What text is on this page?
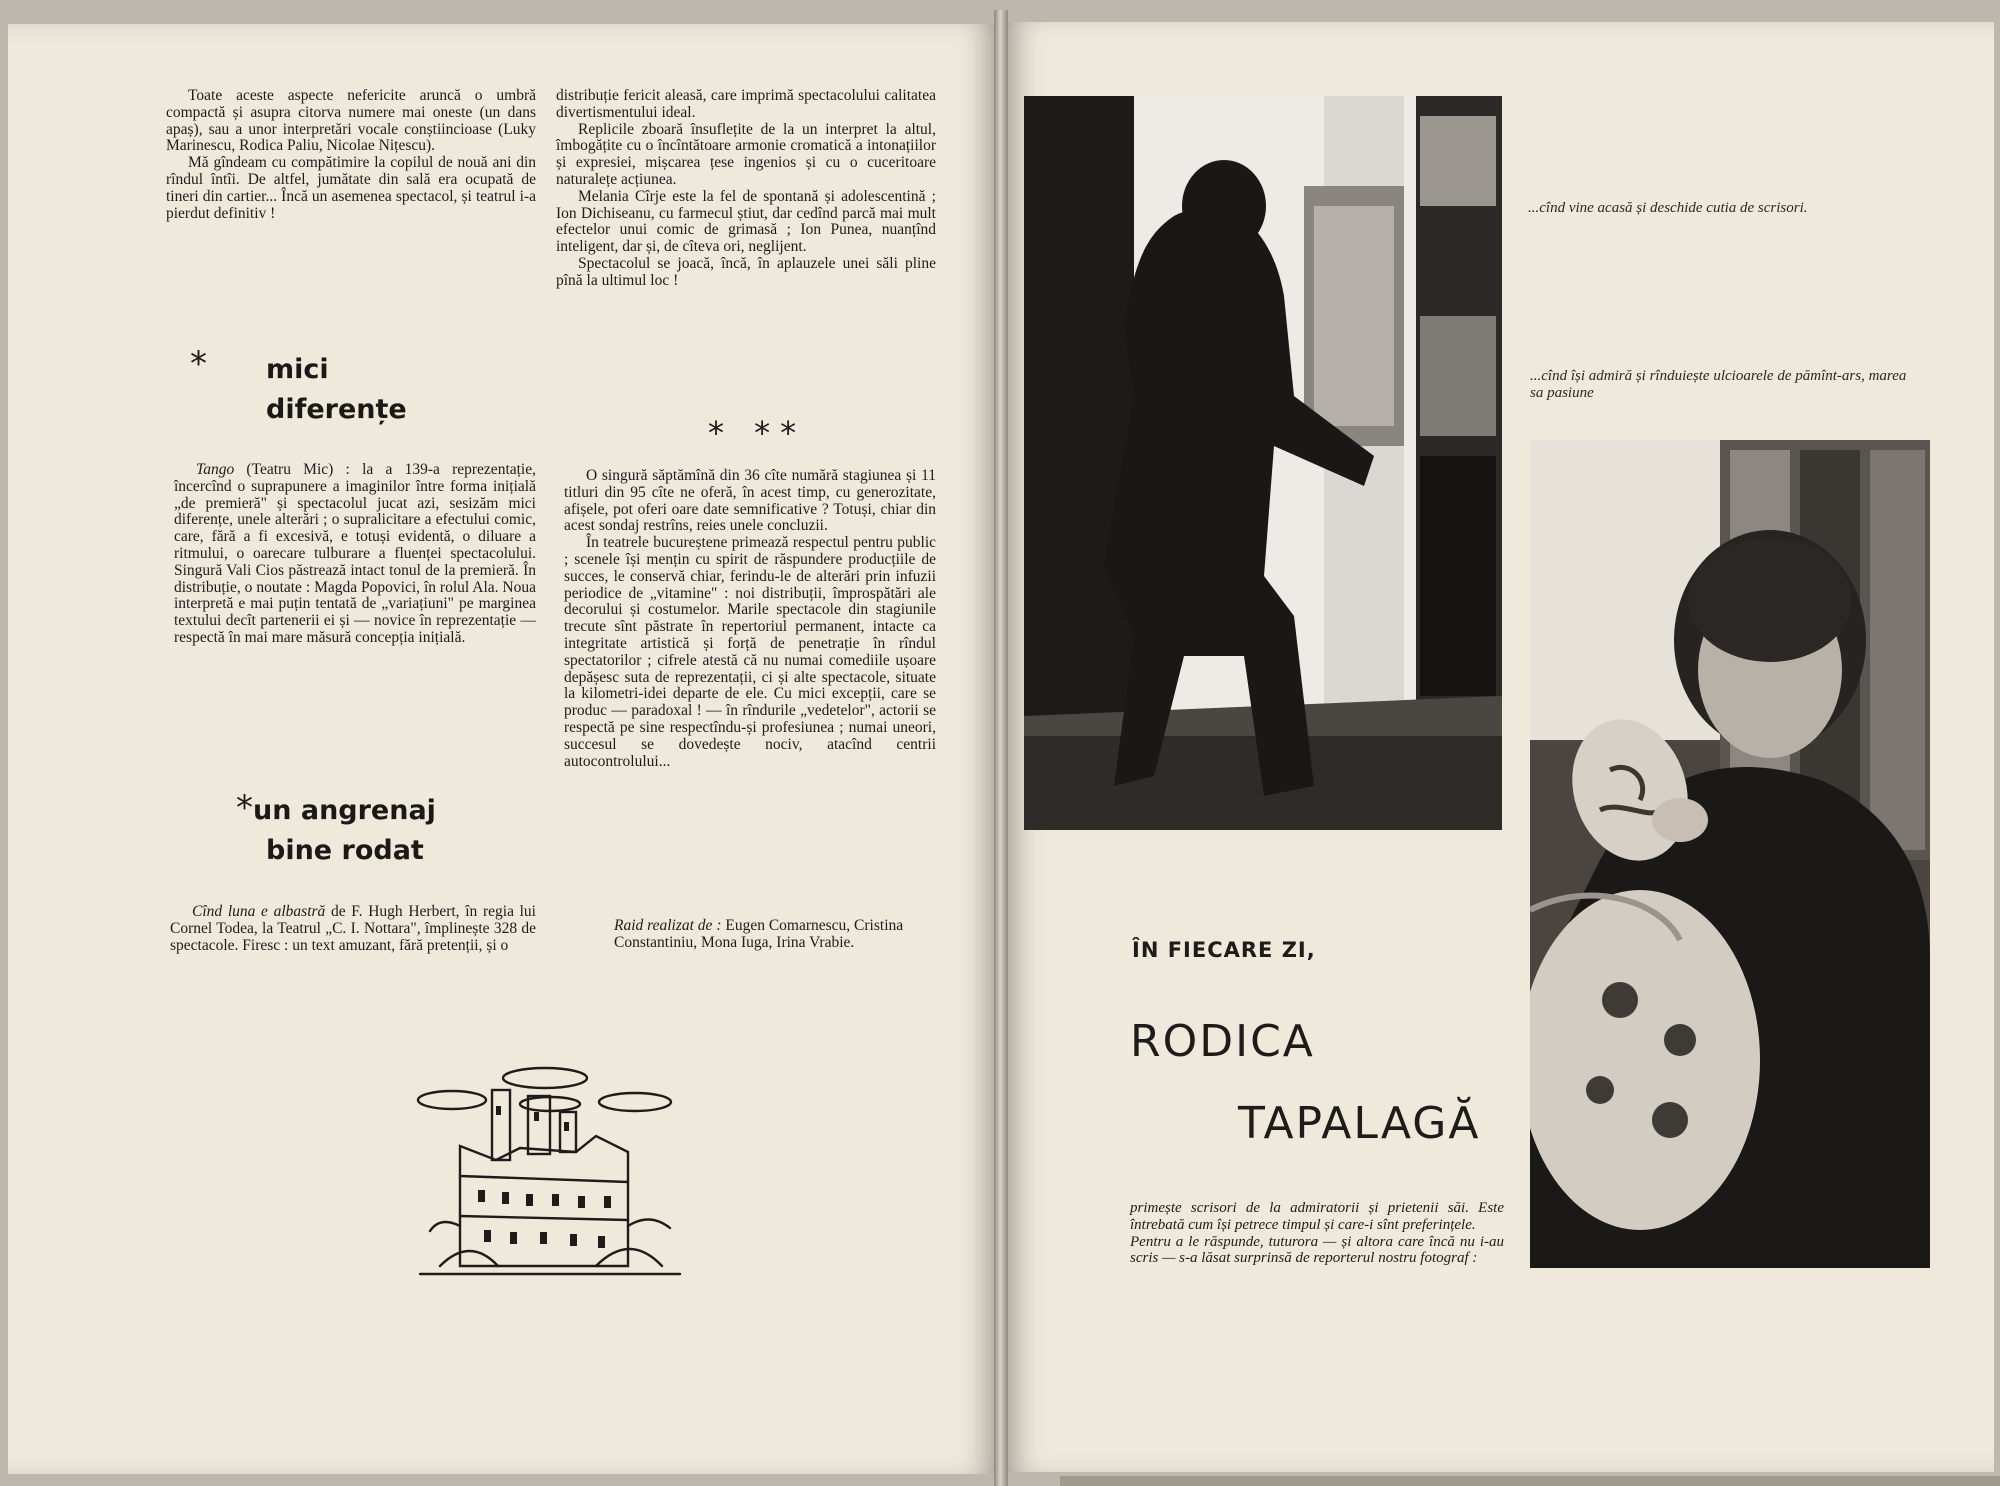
Toate aceste aspecte nefericite aruncă o umbră compactă și asupra citorva numere mai oneste (un dans apaș), sau a unor interpretări vocale conștiincioase (Luky Marinescu, Rodica Paliu, Nicolae Nițescu).

Mă gîndeam cu compătimire la copilul de nouă ani din rîndul întîi. De altfel, jumătate din sală era ocupată de tineri din cartier... Încă un asemenea spectacol, și teatrul i-a pierdut definitiv !

*	mici
diferențe

Tango (Teatru Mic) : la a 139-a reprezentație, încercînd o suprapunere a imaginilor între forma inițială „de premieră" și spectacolul jucat azi, sesizăm mici diferențe, unele alterări ; o supralicitare a efectului comic, care, fără a fi excesivă, e totuși evidentă, o diluare a ritmului, o oarecare tulburare a fluenței spectacolului. Singură Vali Cios păstrează intact tonul de la premieră. În distribuție, o noutate : Magda Popovici, în rolul Ala. Noua interpretă e mai puțin tentată de „variațiuni" pe marginea textului decît partenerii ei și — novice în reprezentație — respectă în mai mare măsură concepția inițială.

*un angrenaj
bine rodat

Cînd luna e albastră de F. Hugh Herbert, în regia lui Cornel Todea, la Teatrul „C. I. Nottara", împlinește 328 de spectacole. Firesc : un text amuzant, fără pretenții, și o

distribuție fericit aleasă, care imprimă spectacolului calitatea divertismentului ideal.

Replicile zboară însuflețite de la un interpret la altul, îmbogățite cu o încîntătoare armonie cromatică a intonațiilor și expresiei, mișcarea țese ingenios și cu o cuceritoare naturalețe acțiunea.

Melania Cîrje este la fel de spontană și adolescentină ; Ion Dichiseanu, cu farmecul știut, dar cedînd parcă mai mult efectelor unui comic de grimasă ; Ion Punea, nuanțînd inteligent, dar și, de cîteva ori, neglijent.

Spectacolul se joacă, încă, în aplauzele unei săli pline pînă la ultimul loc !

* **

O singură săptămînă din 36 cîte numără stagiunea și 11 titluri din 95 cîte ne oferă, în acest timp, cu generozitate, afișele, pot oferi oare date semnificative ? Totuși, chiar din acest sondaj restrîns, reies unele concluzii.

În teatrele bucureștene primează respectul pentru public ; scenele își mențin cu spirit de răspundere producțiile de succes, le conservă chiar, ferindu-le de alterări prin infuzii periodice de „vitamine" : noi distribuții, împrospătări ale decorului și costumelor. Marile spectacole din stagiunile trecute sînt păstrate în repertoriul permanent, intacte ca integritate artistică și forță de penetrație în rîndul spectatorilor ; cifrele atestă că nu numai comediile ușoare depășesc suta de reprezentații, ci și alte spectacole, situate la kilometri-idei departe de ele. Cu mici excepții, care se produc — paradoxal ! — în rîndurile „vedetelor", actorii se respectă pe sine respectîndu-și profesiunea ; numai uneori, succesul se dovedește nociv, atacînd centrii autocontrolului...

Raid realizat de : Eugen Comarnescu, Cristina Constantiniu, Mona Iuga, Irina Vrabie.

...cînd vine acasă și deschide cutia de scrisori.
...cînd își admiră și rînduiește ulcioarele de pămînt-ars, marea sa pasiune
ÎN FIECARE ZI,
RODICA
TAPALAGĂ

primește scrisori de la admiratorii și prietenii săi. Este întrebată cum își petrece timpul și care-i sînt preferințele.

Pentru a le răspunde, tuturora — și altora care încă nu i-au scris — s-a lăsat surprinsă de reporterul nostru fotograf :
